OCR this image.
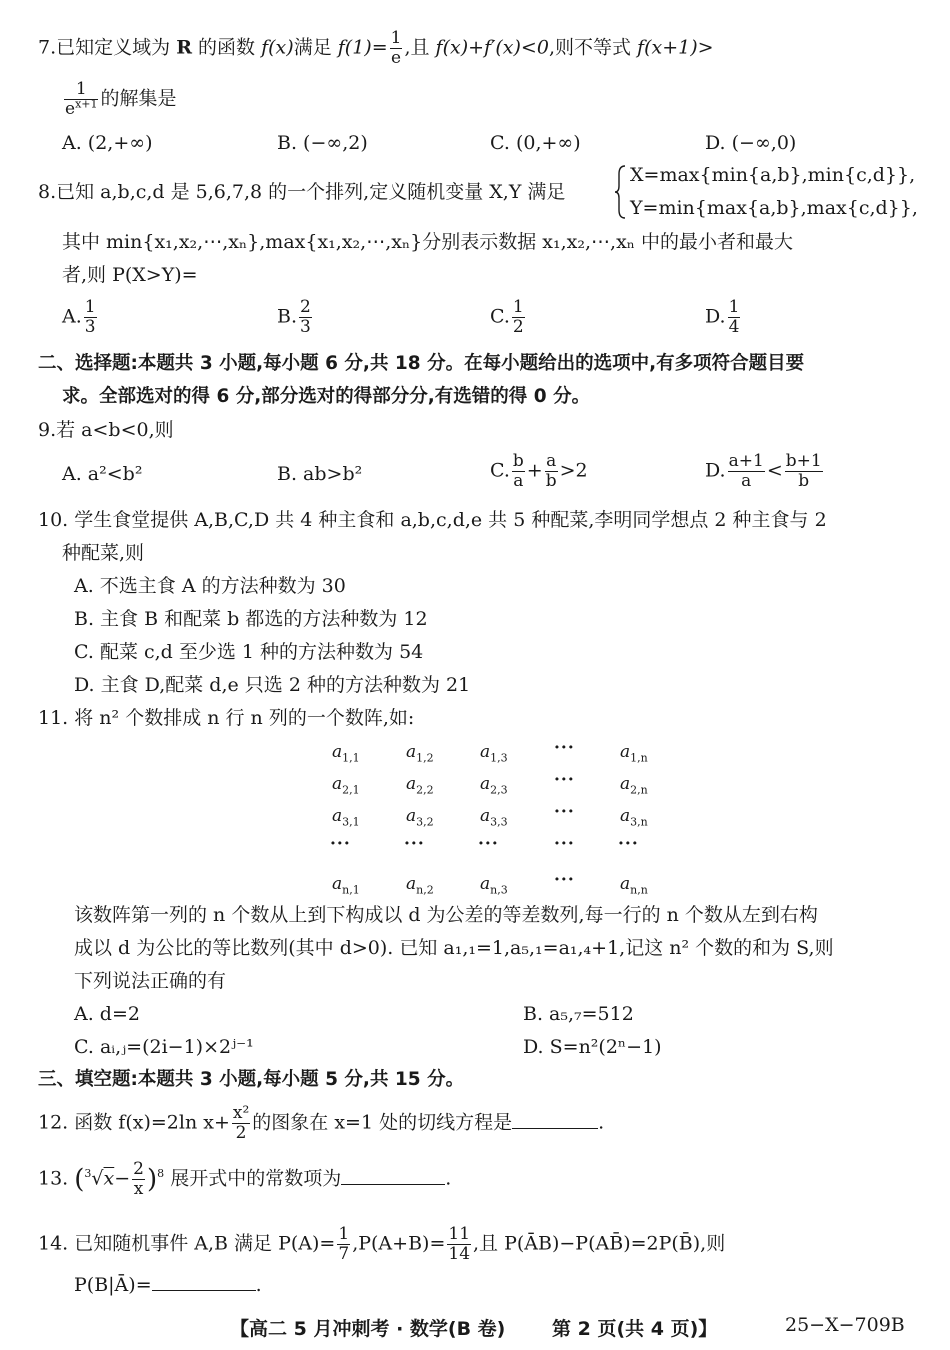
7.已知定义域为 R 的函数 f(x)满足 $f(1)= \frac{1}{e}$ ,且 f(x)+f′(x)<0,则不等式 f(x+1)>
$\frac{1}{e^{x+1}}$ 的解集是
A. (2,+∞)	B. (−∞,2)	C. (0,+∞)	D. (−∞,0)
8.已知 a,b,c,d 是 5,6,7,8 的一个排列,定义随机变量 X,Y 满足
X=max{min{a,b},min{c,d}},
Y=min{max{a,b},max{c,d}},
其中 min{x₁,x₂,⋯,xₙ},max{x₁,x₂,⋯,xₙ}分别表示数据 x₁,x₂,⋯,xₙ 中的最小者和最大
者,则 P(X>Y)=
A. $\frac{1}{3}$	B. $\frac{2}{3}$	C. $\frac{1}{2}$	D. $\frac{1}{4}$
二、选择题:本题共 3 小题,每小题 6 分,共 18 分。在每小题给出的选项中,有多项符合题目要
求。全部选对的得 6 分,部分选对的得部分分,有选错的得 0 分。
9.若 a<b<0,则
A. a²<b²	B. ab>b²	C. $\frac{b}{a} + \frac{a}{b} >2$	D. $\frac{a+1}{a} < \frac{b+1}{b}$
10. 学生食堂提供 A,B,C,D 共 4 种主食和 a,b,c,d,e 共 5 种配菜,李明同学想点 2 种主食与 2
种配菜,则
A. 不选主食 A 的方法种数为 30
B. 主食 B 和配菜 b 都选的方法种数为 12
C. 配菜 c,d 至少选 1 种的方法种数为 54
D. 主食 D,配菜 d,e 只选 2 种的方法种数为 21
11. 将 n² 个数排成 n 行 n 列的一个数阵,如:
$a_{1,1}$	$a_{1,2}$	$a_{1,3}$	···	$a_{1,n}$
$a_{2,1}$	$a_{2,2}$	$a_{2,3}$	···	$a_{2,n}$
$a_{3,1}$	$a_{3,2}$	$a_{3,3}$	···	$a_{3,n}$
···	···	···	···	···
$a_{n,1}$	$a_{n,2}$	$a_{n,3}$	···	$a_{n,n}$
该数阵第一列的 n 个数从上到下构成以 d 为公差的等差数列,每一行的 n 个数从左到右构
成以 d 为公比的等比数列(其中 d>0). 已知 a₁,₁=1,a₅,₁=a₁,₄+1,记这 n² 个数的和为 S,则
下列说法正确的有
A. d=2	B. a₅,₇=512
C. aᵢ,ⱼ=(2i−1)×2ʲ⁻¹	D. S=n²(2ⁿ−1)
三、填空题:本题共 3 小题,每小题 5 分,共 15 分。
12. 函数 f(x)=2ln $x+ \frac{\text{x²}}{2}$ 的图象在 x=1 处的切线方程是	.
13. $(^3√x- \frac{2}{x} )^8$ 展开式中的常数项为	.
14. 已知随机事件 A,B 满足 $P(A)= \frac{1}{7} ,P(A+B)= \frac{11}{14}$ ,且 P(ĀB)−P(AB̄)=2P(B̄),则
P(B|Ā)=	.
【高二 5 月冲刺考 · 数学(B 卷) 第 2 页(共 4 页)】	25−X−709B
